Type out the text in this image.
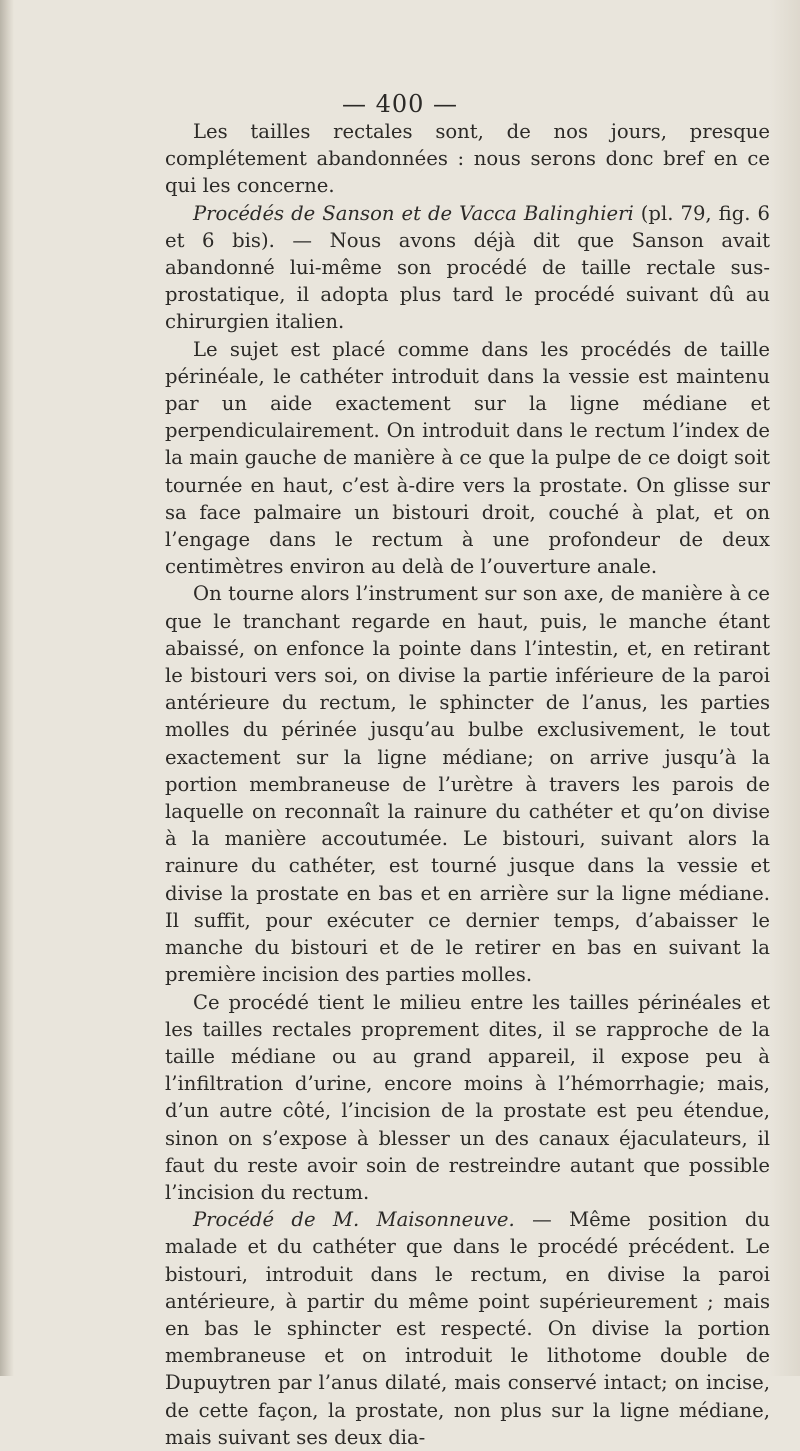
— 400 —

Les tailles rectales sont, de nos jours, presque complétement abandonnées : nous serons donc bref en ce qui les concerne.

Procédés de Sanson et de Vacca Balinghieri (pl. 79, fig. 6 et 6 bis). — Nous avons déjà dit que Sanson avait abandonné lui-même son procédé de taille rectale sus-prostatique, il adopta plus tard le procédé suivant dû au chirurgien italien.

Le sujet est placé comme dans les procédés de taille périnéale, le cathéter introduit dans la vessie est maintenu par un aide exactement sur la ligne médiane et perpendiculairement. On introduit dans le rectum l’index de la main gauche de manière à ce que la pulpe de ce doigt soit tournée en haut, c’est à-dire vers la prostate. On glisse sur sa face palmaire un bistouri droit, couché à plat, et on l’engage dans le rectum à une profondeur de deux centimètres environ au delà de l’ouverture anale.

On tourne alors l’instrument sur son axe, de manière à ce que le tranchant regarde en haut, puis, le manche étant abaissé, on enfonce la pointe dans l’intestin, et, en retirant le bistouri vers soi, on divise la partie inférieure de la paroi antérieure du rectum, le sphincter de l’anus, les parties molles du périnée jusqu’au bulbe exclusivement, le tout exactement sur la ligne médiane; on arrive jusqu’à la portion membraneuse de l’urètre à travers les parois de laquelle on reconnaît la rainure du cathéter et qu’on divise à la manière accoutumée. Le bistouri, suivant alors la rainure du cathéter, est tourné jusque dans la vessie et divise la prostate en bas et en arrière sur la ligne médiane. Il suffit, pour exécuter ce dernier temps, d’abaisser le manche du bistouri et de le retirer en bas en suivant la première incision des parties molles.

Ce procédé tient le milieu entre les tailles périnéales et les tailles rectales proprement dites, il se rapproche de la taille médiane ou au grand appareil, il expose peu à l’infiltration d’urine, encore moins à l’hémorrhagie; mais, d’un autre côté, l’incision de la prostate est peu étendue, sinon on s’expose à blesser un des canaux éjaculateurs, il faut du reste avoir soin de restreindre autant que possible l’incision du rectum.

Procédé de M. Maisonneuve. — Même position du malade et du cathéter que dans le procédé précédent. Le bistouri, introduit dans le rectum, en divise la paroi antérieure, à partir du même point supérieurement ; mais en bas le sphincter est respecté. On divise la portion membraneuse et on introduit le lithotome double de Dupuytren par l’anus dilaté, mais conservé intact; on incise, de cette façon, la prostate, non plus sur la ligne médiane, mais suivant ses deux dia-
